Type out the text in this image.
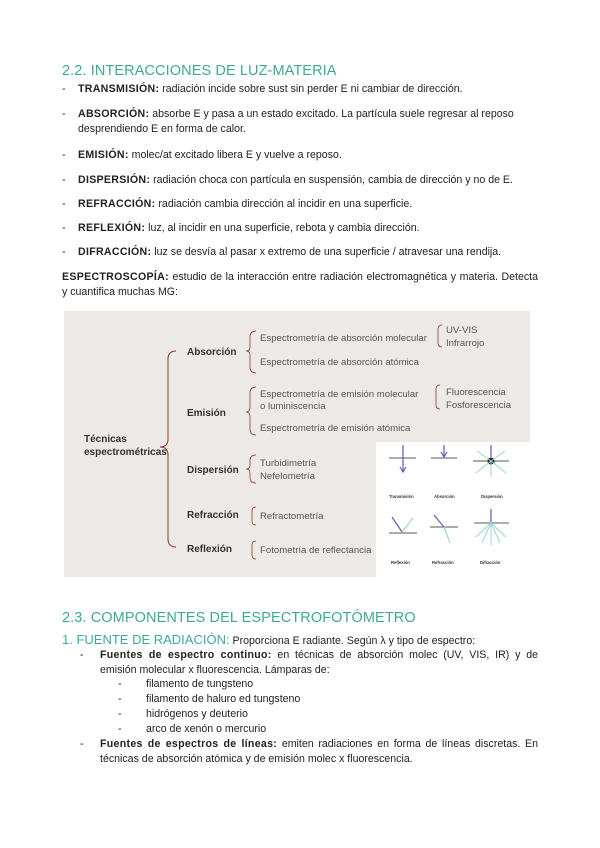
2.2. INTERACCIONES DE LUZ-MATERIA
- TRANSMISIÓN: radiación incide sobre sust sin perder E ni cambiar de dirección.
- ABSORCIÓN: absorbe E y pasa a un estado excitado. La partícula suele regresar al reposo desprendiendo E en forma de calor.
- EMISIÓN: molec/at excitado libera E y vuelve a reposo.
- DISPERSIÓN: radiación choca con partícula en suspensión, cambia de dirección y no de E.
- REFRACCIÓN: radiación cambia dirección al incidir en una superficie.
- REFLEXIÓN: luz, al incidir en una superficie, rebota y cambia dirección.
- DIFRACCIÓN: luz se desvía al pasar x extremo de una superficie / atravesar una rendija.
ESPECTROSCOPÍA: estudio de la interacción entre radiación electromagnética y materia. Detecta y cuantifica muchas MG:
Técnicas
espectrométricas
Absorción
Emisión
Dispersión
Refracción
Reflexión
Espectrometría de absorción molecular
Espectrometría de absorción atómica
UV-VIS
Infrarrojo
Espectrometría de emisión molecular
o luminiscencia
Espectrometría de emisión atómica
Fluorescencia
Fosforescencia
Turbidimetría
Nefelometría
Refractometría
Fotometría de reflectancia
Transmisión	Absorción	Dispersión
Reflexión	Refracción	Difracción
2.3. COMPONENTES DEL ESPECTROFOTÓMETRO
1. FUENTE DE RADIACIÓN: Proporciona E radiante. Según λ y tipo de espectro:
- Fuentes de espectro continuo: en técnicas de absorción molec (UV, VIS, IR) y de emisión molecular x fluorescencia. Lámparas de:
- filamento de tungsteno
- filamento de haluro ed tungsteno
- hidrógenos y deuterio
- arco de xenón o mercurio
- Fuentes de espectros de líneas: emiten radiaciones en forma de líneas discretas. En técnicas de absorción atómica y de emisión molec x fluorescencia.
